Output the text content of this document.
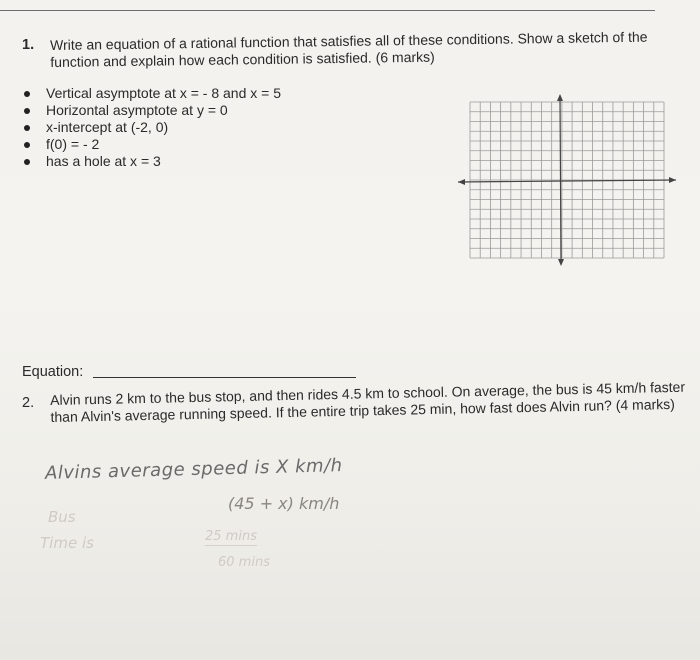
1. Write an equation of a rational function that satisfies all of these conditions. Show a sketch of the function and explain how each condition is satisfied. (6 marks)
Vertical asymptote at x = - 8 and x = 5
Horizontal asymptote at y = 0
x-intercept at (-2, 0)
f(0) = - 2
has a hole at x = 3
Equation:
2. Alvin runs 2 km to the bus stop, and then rides 4.5 km to school. On average, the bus is 45 km/h faster than Alvin's average running speed. If the entire trip takes 25 min, how fast does Alvin run? (4 marks)
Alvins average speed is X km/h
Bus
(45 + x) km/h
Time is	25 mins
60 mins
